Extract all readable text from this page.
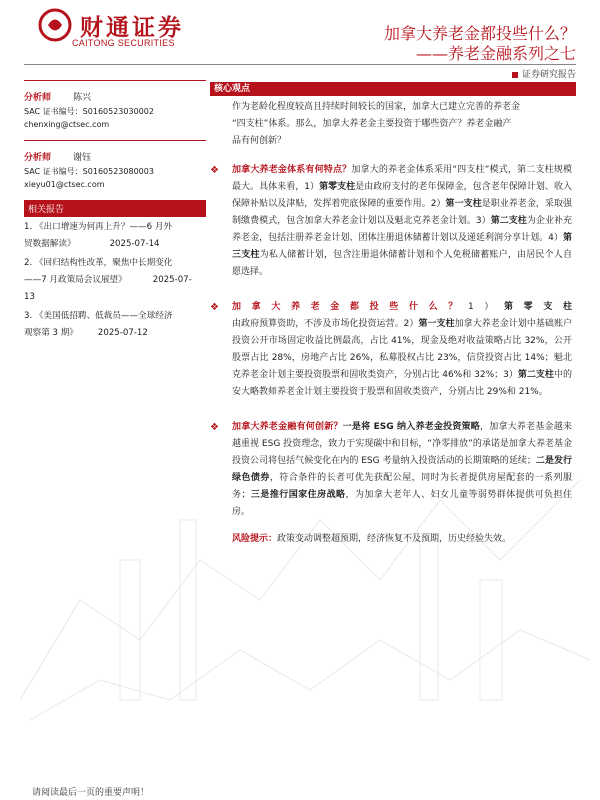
财通证券
CAITONG SECURITIES	加拿大养老金都投些什么？
——养老金融系列之七
证券研究报告
分析师 陈兴
SAC 证书编号：S0160523030002
chenxing@ctsec.com
分析师 谢钰
SAC 证书编号：S0160523080003
xieyu01@ctsec.com
相关报告
1. 《出口增速为何再上升？——6 月外
贸数据解读》	2025-07-14
2. 《回归结构性改革，聚焦中长期变化
——7 月政策局会议展望》	2025-07-
13
3. 《美国低招聘、低裁员——全球经济
观察第 3 期》 2025-07-12
核心观点
作为老龄化程度较高且持续时间较长的国家，加拿大已建立完善的养老金
“四支柱”体系。那么，加拿大养老金主要投资于哪些资产？养老金融产
品有何创新？
❖ 加拿大养老金体系有何特点？加拿大的养老金体系采用“四支柱”模式，第二支柱规模最大。具体来看，1）第零支柱是由政府支付的老年保障金，包含老年保障计划、收入保障补贴以及津贴，发挥着兜底保障的重要作用。2）第一支柱是职业养老金，采取强制缴费模式，包含加拿大养老金计划以及魁北克养老金计划。3）第二支柱为企业补充养老金，包括注册养老金计划、团体注册退休储蓄计划以及递延利润分享计划。4）第三支柱为私人储蓄计划，包含注册退休储蓄计划和个人免税储蓄账户，由居民个人自愿选择。
❖ 加拿大养老金都投些什么？1）第零支柱由政府预算资助，不涉及市场化投资运营。2）第一支柱加拿大养老金计划中基础账户投资公开市场固定收益比例最高，占比 41%，现金及绝对收益策略占比 32%，公开股票占比 28%，房地产占比 26%，私募股权占比 23%，信贷投资占比 14%；魁北克养老金计划主要投资股票和固收类资产，分别占比 46%和 32%；3）第二支柱中的安大略教师养老金计划主要投资于股票和固收类资产，分别占比 29%和 21%。
❖ 加拿大养老金融有何创新？一是将 ESG 纳入养老金投资策略，加拿大养老基金越来越重视 ESG 投资理念，致力于实现碳中和目标，“净零排放”的承诺是加拿大养老基金投资公司将包括气候变化在内的 ESG 考量纳入投资活动的长期策略的延续；二是发行绿色债券，符合条件的长者可优先获配公屋，同时为长者提供房屋配套的一系列服务；三是推行国家住房战略，为加拿大老年人、妇女儿童等弱势群体提供可负担住房。
风险提示：政策变动调整超预期，经济恢复不及预期，历史经验失效。
请阅读最后一页的重要声明！
